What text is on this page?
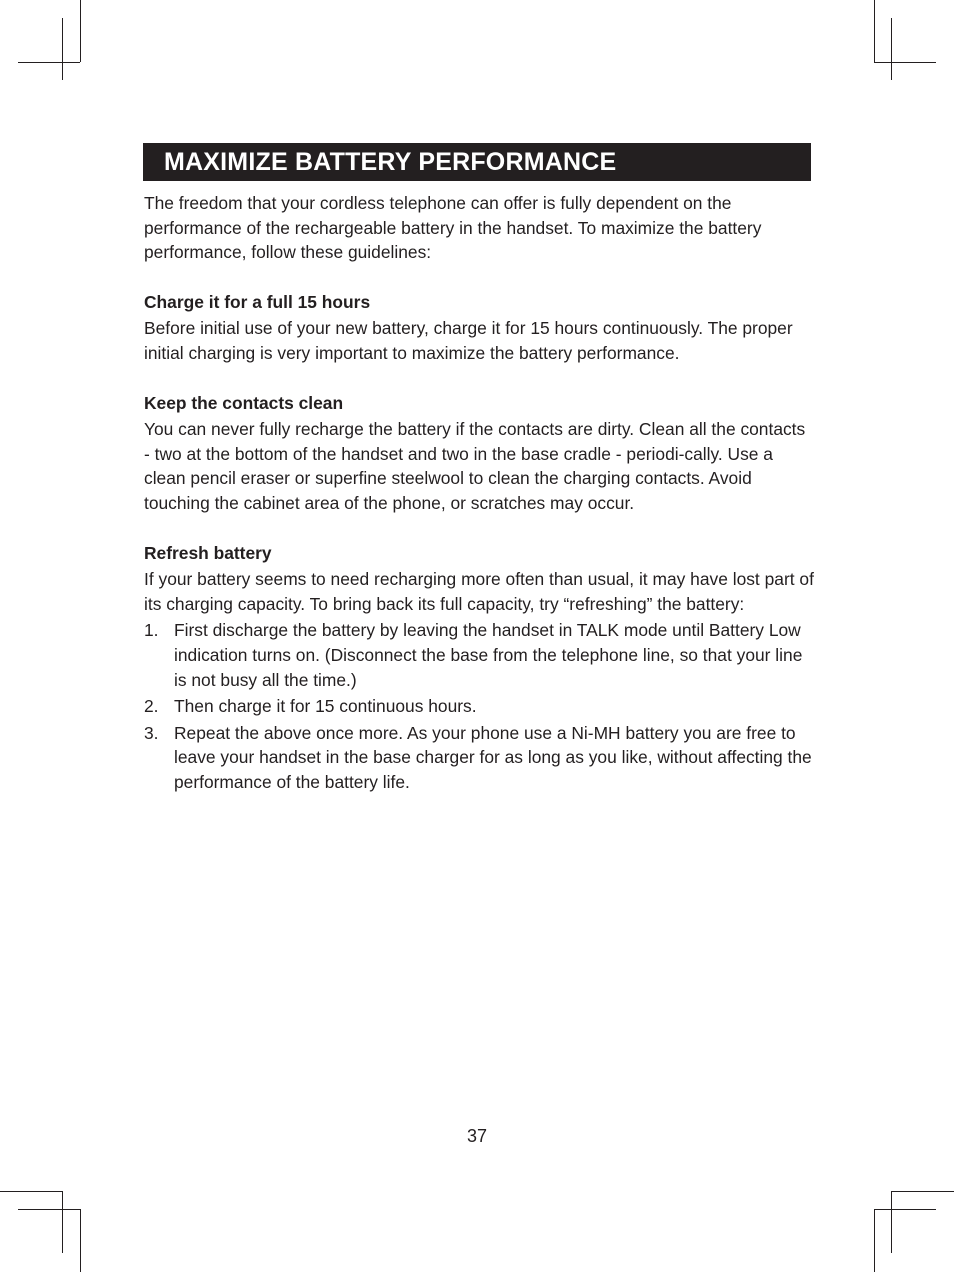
MAXIMIZE BATTERY PERFORMANCE

The freedom that your cordless telephone can offer is fully dependent on the performance of the rechargeable battery in the handset. To maximize the battery performance, follow these guidelines:

Charge it for a full 15 hours

Before initial use of your new battery, charge it for 15 hours continuously. The proper initial charging is very important to maximize the battery performance.

Keep the contacts clean

You can never fully recharge the battery if the contacts are dirty. Clean all the contacts - two at the bottom of the handset and two in the base cradle - periodi-cally. Use a clean pencil eraser or superfine steelwool to clean the charging contacts. Avoid touching the cabinet area of the phone, or scratches may occur.

Refresh battery

If your battery seems to need recharging more often than usual, it may have lost part of its charging capacity. To bring back its full capacity, try “refreshing” the battery:

1. First discharge the battery by leaving the handset in TALK mode until Battery Low indication turns on. (Disconnect the base from the telephone line, so that your line is not busy all the time.)
2. Then charge it for 15 continuous hours.
3. Repeat the above once more. As your phone use a Ni-MH battery you are free to leave your handset in the base charger for as long as you like, without affecting the performance of the battery life.
37
